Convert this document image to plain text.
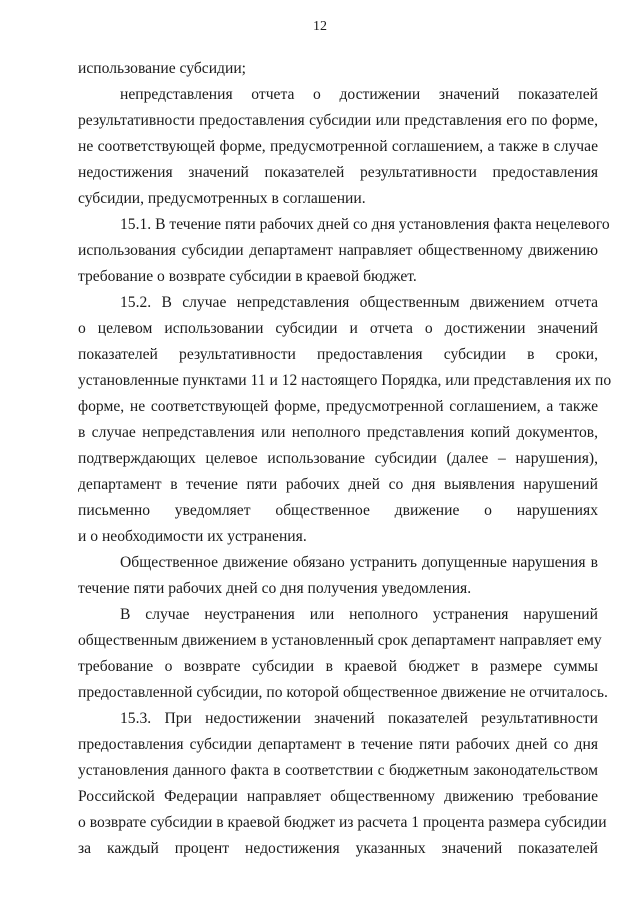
12
использование субсидии;
непредставления отчета о достижении значений показателей
результативности предоставления субсидии или представления его по форме,
не соответствующей форме, предусмотренной соглашением, а также в случае
недостижения значений показателей результативности предоставления
субсидии, предусмотренных в соглашении.
15.1. В течение пяти рабочих дней со дня установления факта нецелевого
использования субсидии департамент направляет общественному движению
требование о возврате субсидии в краевой бюджет.
15.2. В случае непредставления общественным движением отчета
о целевом использовании субсидии и отчета о достижении значений
показателей результативности предоставления субсидии в сроки,
установленные пунктами 11 и 12 настоящего Порядка, или представления их по
форме, не соответствующей форме, предусмотренной соглашением, а также
в случае непредставления или неполного представления копий документов,
подтверждающих целевое использование субсидии (далее – нарушения),
департамент в течение пяти рабочих дней со дня выявления нарушений
письменно уведомляет общественное движение о нарушениях
и о необходимости их устранения.
Общественное движение обязано устранить допущенные нарушения в
течение пяти рабочих дней со дня получения уведомления.
В случае неустранения или неполного устранения нарушений
общественным движением в установленный срок департамент направляет ему
требование о возврате субсидии в краевой бюджет в размере суммы
предоставленной субсидии, по которой общественное движение не отчиталось.
15.3. При недостижении значений показателей результативности
предоставления субсидии департамент в течение пяти рабочих дней со дня
установления данного факта в соответствии с бюджетным законодательством
Российской Федерации направляет общественному движению требование
о возврате субсидии в краевой бюджет из расчета 1 процента размера субсидии
за каждый процент недостижения указанных значений показателей
